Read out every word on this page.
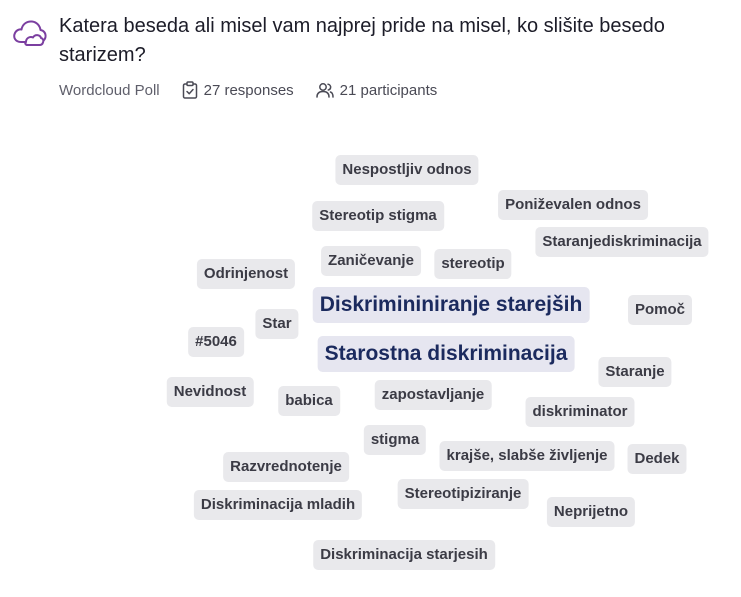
Katera beseda ali misel vam najprej pride na misel, ko slišite besedo starizem?
Wordcloud Poll	27 responses	21 participants
Nespostljiv odnos
Stereotip stigma
Poniževalen odnos
Staranjediskriminacija
Zaničevanje	stereotip
Odrinjenost
Diskrimininiranje starejših	Pomoč
Star
#5046
Starostna diskriminacija
Staranje
Nevidnost
babica	zapostavljanje
diskriminator
stigma
krajše, slabše življenje	Dedek
Razvrednotenje
Diskriminacija mladih
Stereotipiziranje
Neprijetno
Diskriminacija starjesih
